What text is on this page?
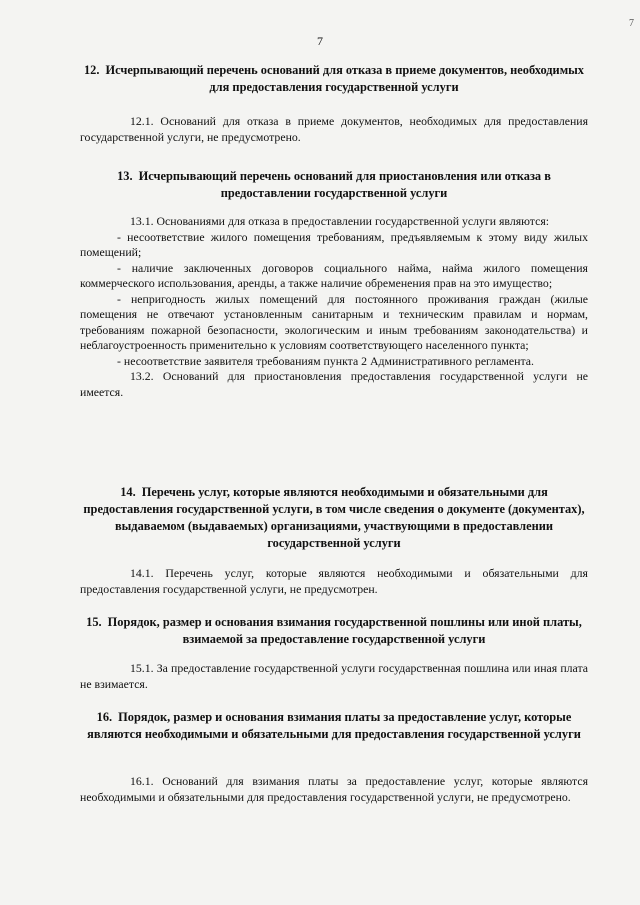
7
7

12. Исчерпывающий перечень оснований для отказа в приеме документов, необходимых для предоставления государственной услуги

12.1. Оснований для отказа в приеме документов, необходимых для предоставления государственной услуги, не предусмотрено.

13. Исчерпывающий перечень оснований для приостановления или отказа в предоставлении государственной услуги

13.1. Основаниями для отказа в предоставлении государственной услуги являются:

- несоответствие жилого помещения требованиям, предъявляемым к этому виду жилых помещений;

- наличие заключенных договоров социального найма, найма жилого помещения коммерческого использования, аренды, а также наличие обременения прав на это имущество;

- непригодность жилых помещений для постоянного проживания граждан (жилые помещения не отвечают установленным санитарным и техническим правилам и нормам, требованиям пожарной безопасности, экологическим и иным требованиям законодательства) и неблагоустроенность применительно к условиям соответствующего населенного пункта;

- несоответствие заявителя требованиям пункта 2 Административного регламента.

13.2. Оснований для приостановления предоставления государственной услуги не имеется.

14. Перечень услуг, которые являются необходимыми и обязательными для предоставления государственной услуги, в том числе сведения о документе (документах), выдаваемом (выдаваемых) организациями, участвующими в предоставлении государственной услуги

14.1. Перечень услуг, которые являются необходимыми и обязательными для предоставления государственной услуги, не предусмотрен.

15. Порядок, размер и основания взимания государственной пошлины или иной платы, взимаемой за предоставление государственной услуги

15.1. За предоставление государственной услуги государственная пошлина или иная плата не взимается.

16. Порядок, размер и основания взимания платы за предоставление услуг, которые являются необходимыми и обязательными для предоставления государственной услуги

16.1. Оснований для взимания платы за предоставление услуг, которые являются необходимыми и обязательными для предоставления государственной услуги, не предусмотрено.
